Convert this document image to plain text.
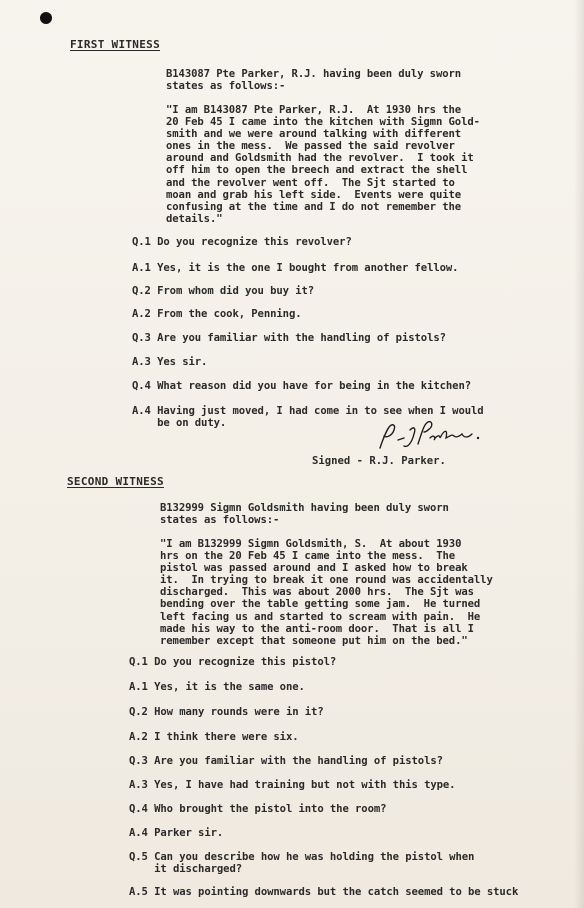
FIRST WITNESS
B143087 Pte Parker, R.J. having been duly sworn
states as follows:-
"I am B143087 Pte Parker, R.J.  At 1930 hrs the
20 Feb 45 I came into the kitchen with Sigmn Gold-
smith and we were around talking with different
ones in the mess.  We passed the said revolver
around and Goldsmith had the revolver.  I took it
off him to open the breech and extract the shell
and the revolver went off.  The Sjt started to
moan and grab his left side.  Events were quite
confusing at the time and I do not remember the
details."
Q.1 Do you recognize this revolver?
A.1 Yes, it is the one I bought from another fellow.
Q.2 From whom did you buy it?
A.2 From the cook, Penning.
Q.3 Are you familiar with the handling of pistols?
A.3 Yes sir.
Q.4 What reason did you have for being in the kitchen?
A.4 Having just moved, I had come in to see when I would
be on duty.
Signed - R.J. Parker.
SECOND WITNESS
B132999 Sigmn Goldsmith having been duly sworn
states as follows:-
"I am B132999 Sigmn Goldsmith, S.  At about 1930
hrs on the 20 Feb 45 I came into the mess.  The
pistol was passed around and I asked how to break
it.  In trying to break it one round was accidentally
discharged.  This was about 2000 hrs.  The Sjt was
bending over the table getting some jam.  He turned
left facing us and started to scream with pain.  He
made his way to the anti-room door.  That is all I
remember except that someone put him on the bed."
Q.1 Do you recognize this pistol?
A.1 Yes, it is the same one.
Q.2 How many rounds were in it?
A.2 I think there were six.
Q.3 Are you familiar with the handling of pistols?
A.3 Yes, I have had training but not with this type.
Q.4 Who brought the pistol into the room?
A.4 Parker sir.
Q.5 Can you describe how he was holding the pistol when
it discharged?
A.5 It was pointing downwards but the catch seemed to be stuck
